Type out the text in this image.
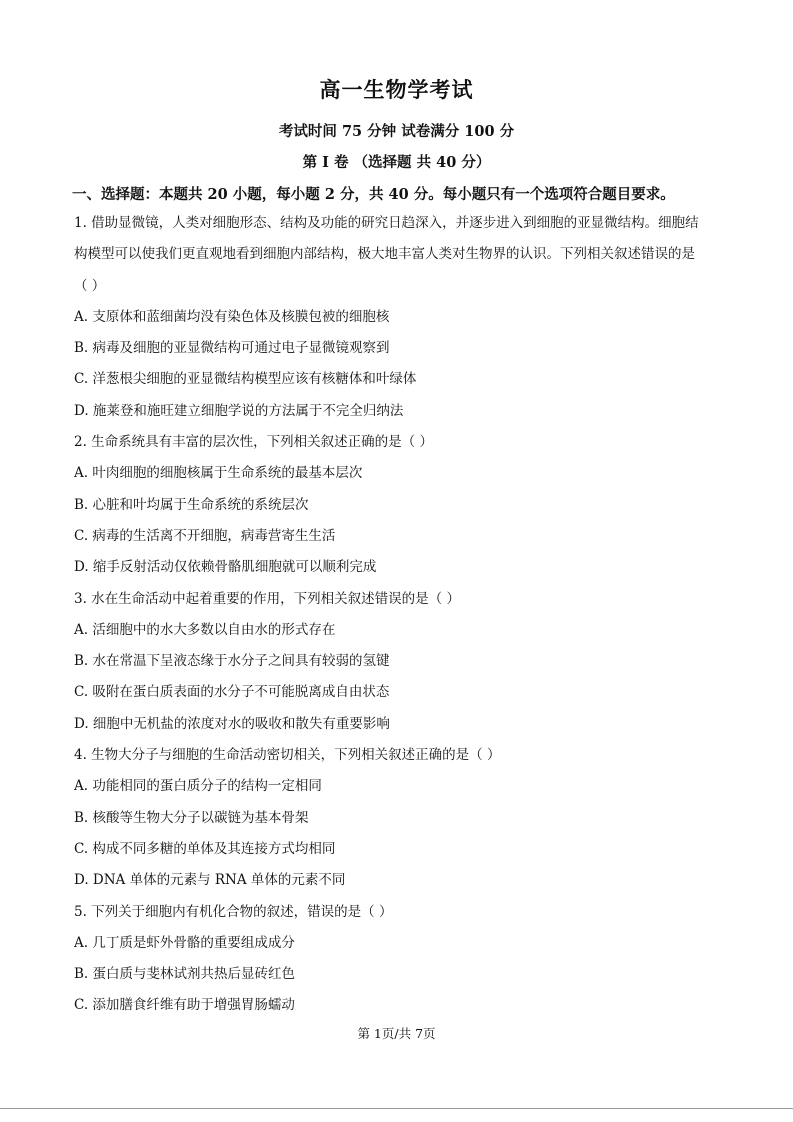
高一生物学考试
考试时间 75 分钟 试卷满分 100 分
第 I 卷 （选择题 共 40 分）
一、选择题：本题共 20 小题，每小题 2 分，共 40 分。每小题只有一个选项符合题目要求。
1. 借助显微镜，人类对细胞形态、结构及功能的研究日趋深入，并逐步进入到细胞的亚显微结构。细胞结
构模型可以使我们更直观地看到细胞内部结构，极大地丰富人类对生物界的认识。下列相关叙述错误的是
（ ）
A. 支原体和蓝细菌均没有染色体及核膜包被的细胞核
B. 病毒及细胞的亚显微结构可通过电子显微镜观察到
C. 洋葱根尖细胞的亚显微结构模型应该有核糖体和叶绿体
D. 施莱登和施旺建立细胞学说的方法属于不完全归纳法
2. 生命系统具有丰富的层次性，下列相关叙述正确的是（ ）
A. 叶肉细胞的细胞核属于生命系统的最基本层次
B. 心脏和叶均属于生命系统的系统层次
C. 病毒的生活离不开细胞，病毒营寄生生活
D. 缩手反射活动仅依赖骨骼肌细胞就可以顺利完成
3. 水在生命活动中起着重要的作用，下列相关叙述错误的是（ ）
A. 活细胞中的水大多数以自由水的形式存在
B. 水在常温下呈液态缘于水分子之间具有较弱的氢键
C. 吸附在蛋白质表面的水分子不可能脱离成自由状态
D. 细胞中无机盐的浓度对水的吸收和散失有重要影响
4. 生物大分子与细胞的生命活动密切相关，下列相关叙述正确的是（ ）
A. 功能相同的蛋白质分子的结构一定相同
B. 核酸等生物大分子以碳链为基本骨架
C. 构成不同多糖的单体及其连接方式均相同
D. DNA 单体的元素与 RNA 单体的元素不同
5. 下列关于细胞内有机化合物的叙述，错误的是（ ）
A. 几丁质是虾外骨骼的重要组成成分
B. 蛋白质与斐林试剂共热后显砖红色
C. 添加膳食纤维有助于增强胃肠蠕动
第 1页/共 7页
